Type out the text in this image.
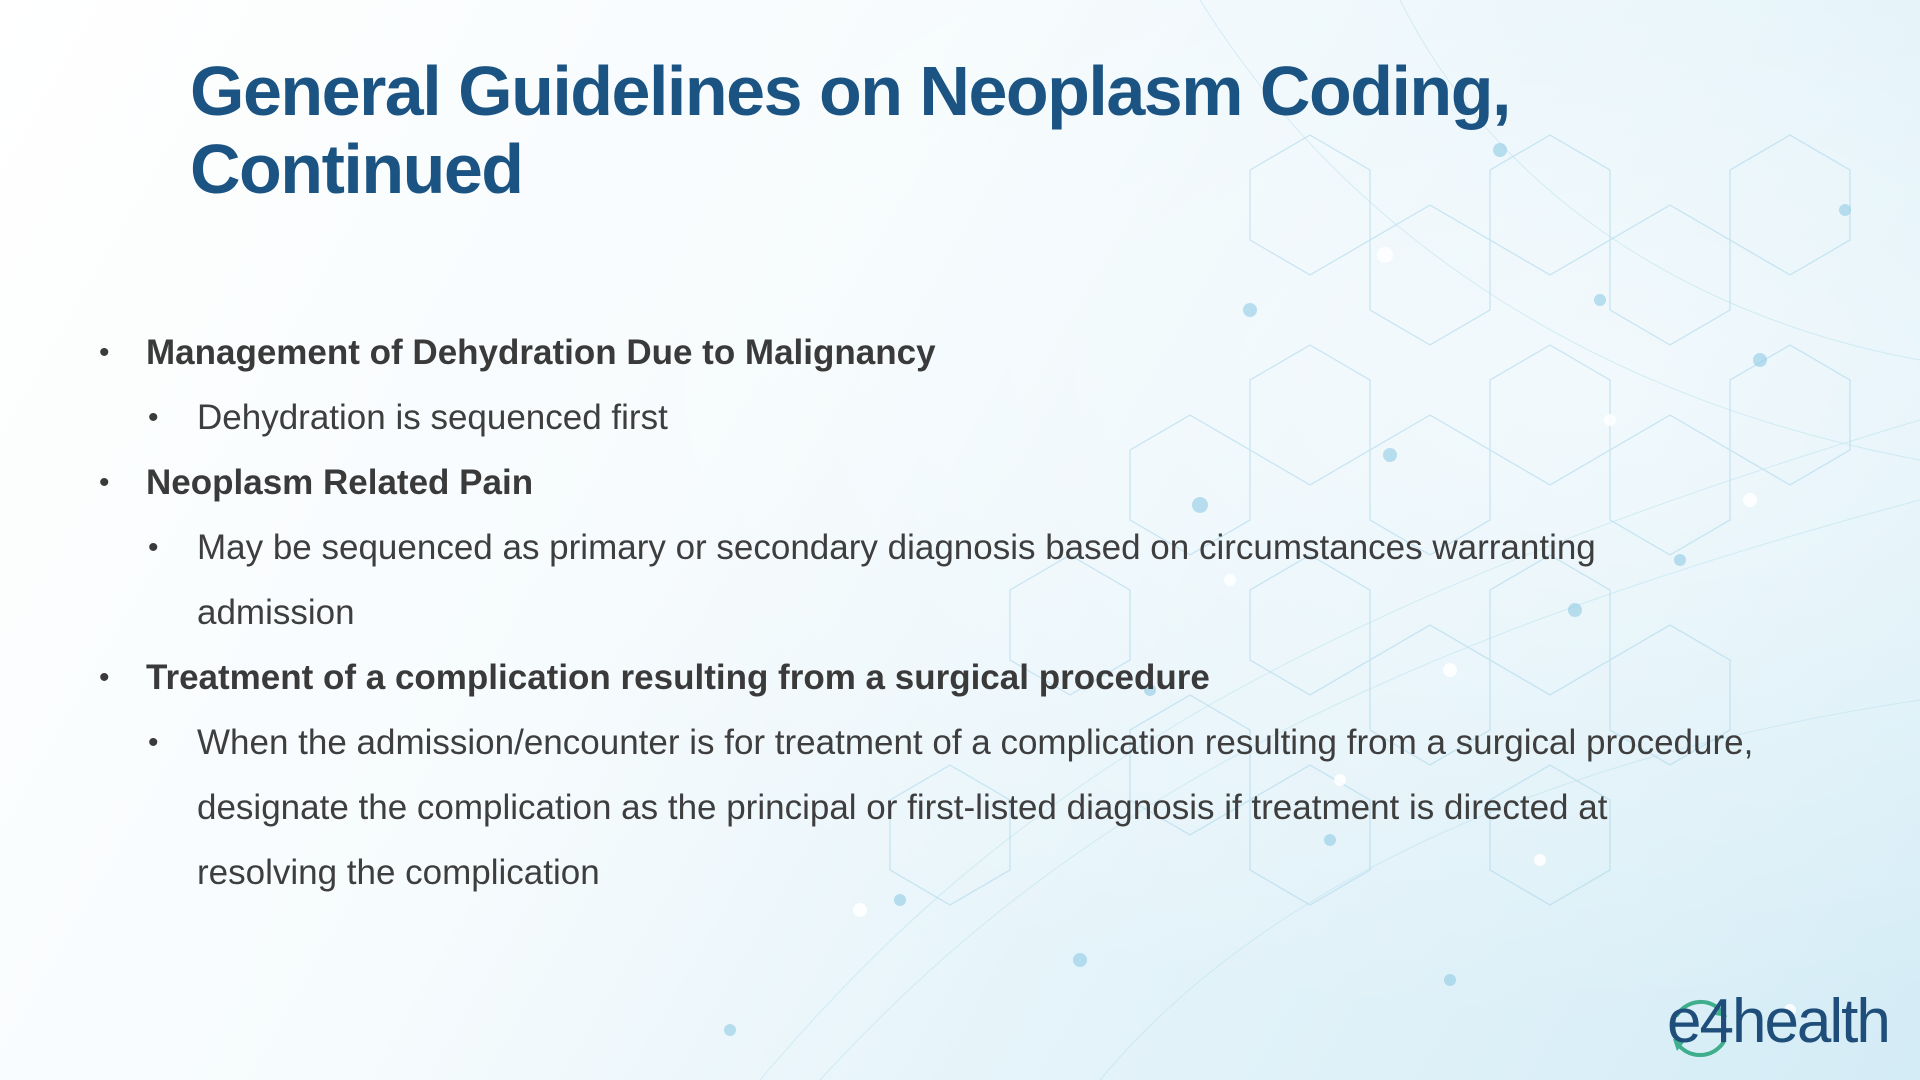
General Guidelines on Neoplasm Coding, Continued
• Management of Dehydration Due to Malignancy
• Dehydration is sequenced first
• Neoplasm Related Pain
• May be sequenced as primary or secondary diagnosis based on circumstances warranting admission
• Treatment of a complication resulting from a surgical procedure
• When the admission/encounter is for treatment of a complication resulting from a surgical procedure, designate the complication as the principal or first-listed diagnosis if treatment is directed at resolving the complication
e4health
